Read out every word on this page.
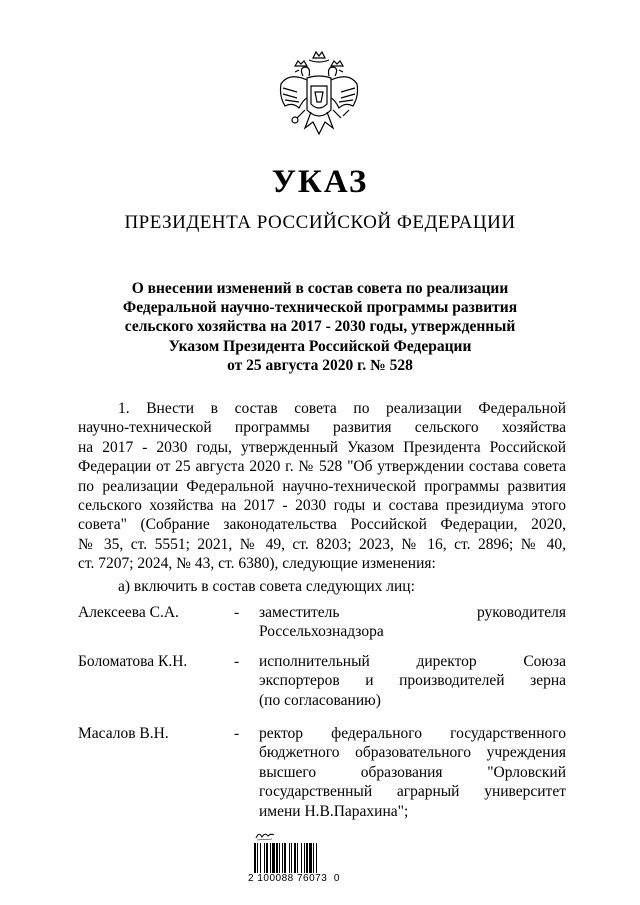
УКАЗ
ПРЕЗИДЕНТА РОССИЙСКОЙ ФЕДЕРАЦИИ
О внесении изменений в состав совета по реализации
Федеральной научно-технической программы развития
сельского хозяйства на 2017 - 2030 годы, утвержденный
Указом Президента Российской Федерации
от 25 августа 2020 г. № 528
1. Внести в состав совета по реализации Федеральной
научно-технической программы развития сельского хозяйства
на 2017 - 2030 годы, утвержденный Указом Президента Российской
Федерации от 25 августа 2020 г. № 528 "Об утверждении состава совета
по реализации Федеральной научно-технической программы развития
сельского хозяйства на 2017 - 2030 годы и состава президиума этого
совета" (Собрание законодательства Российской Федерации, 2020,
№ 35, ст. 5551; 2021, № 49, ст. 8203; 2023, № 16, ст. 2896; № 40,
ст. 7207; 2024, № 43, ст. 6380), следующие изменения:
а) включить в состав совета следующих лиц:
Алексеева С.А.	- заместитель руководителя
Россельхознадзора
Боломатова К.Н.	- исполнительный директор Союза
экспортеров и производителей зерна
(по согласованию)
Масалов В.Н.	- ректор федерального государственного
бюджетного образовательного учреждения
высшего образования "Орловский
государственный аграрный университет
имени Н.В.Парахина";
2 100088 76073  0
